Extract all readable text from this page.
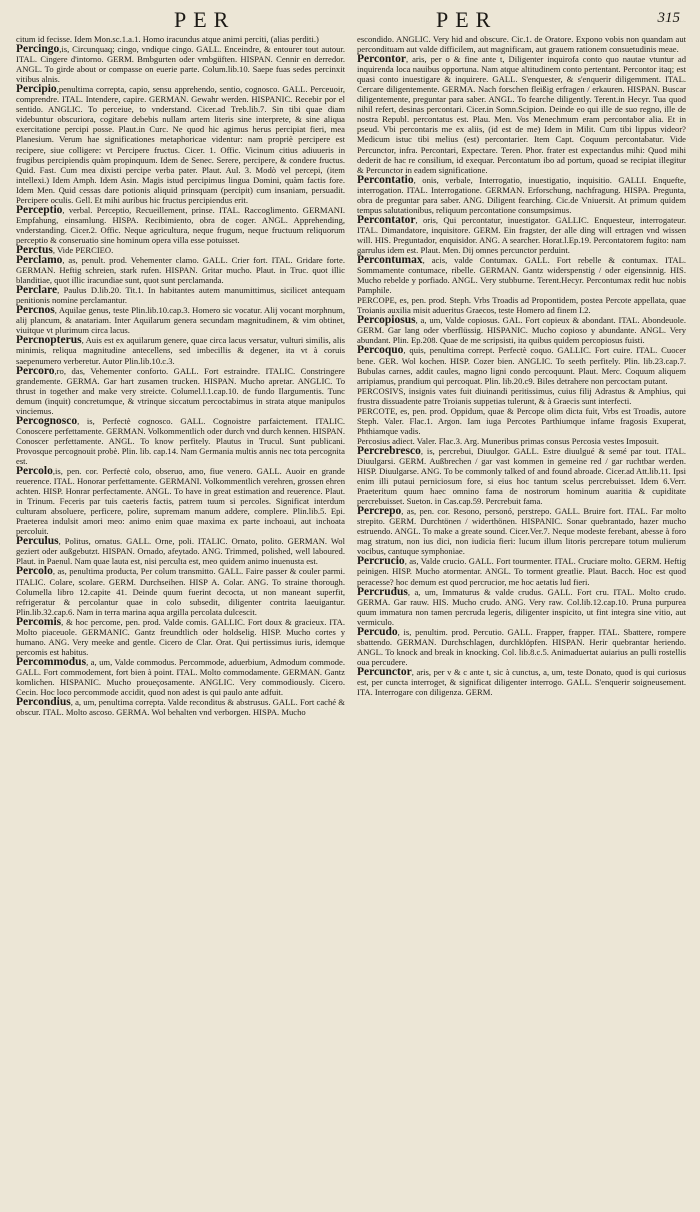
PER	PER	315

citum id fecisse. Idem Mon.sc.1.a.1. Homo iracundus atque animi perciti, (alias perditi.)

Percingo,is, Circunquaq; cingo, vndique cingo. GALL. Enceindre, & entourer tout autour. ITAL. Cingere d'intorno. GERM. Bmbgurten oder vmbgüften. HISPAN. Cennir en derredor. ANGL. To girde about or compasse on euerie parte. Colum.lib.10. Saepe fuas sedes percinxit vitibus alnis.

Percipio,penultima correpta, capio, sensu apprehendo, sentio, cognosco. GALL. Perceuoir, comprendre. ITAL. Intendere, capire. GERMAN. Gewahr werden. HISPANIC. Recebir por el sentido. ANGLIC. To perceiue, to vnderstand. Cicer.ad Treb.lib.7. Sin tibi quae diam videbuntur obscuriora, cogitare debebis nullam artem literis sine interprete, & sine aliqua exercitatione percipi posse. Plaut.in Curc. Ne quod hic agimus herus percipiat fieri, mea Planesium. Verum hae significationes metaphoricae videntur: nam propriè percipere est recipere, siue colligere: vt Percipere fructus. Cicer. 1. Offic. Vicinum citius adiuueris in frugibus percipiendis quàm propinquum. Idem de Senec. Serere, percipere, & condere fructus. Quid. Fast. Cum mea dixisti percipe verba pater. Plaut. Aul. 3. Modò vel percepi, (item intellexi.) Idem Amph. Idem Asin. Magis istud percipimus lingua Domini, quàm factis fore. Idem Men. Quid cessas dare potionis aliquid prinsquam (percipit) cum insaniam, persuadit. Percipere oculis. Gell. Et mihi auribus hic fructus percipiendus erit.

Perceptio, verbal. Perceptio, Recueillement, prinse. ITAL. Raccoglimento. GERMANI. Empfahung, einsamlung. HISPA. Recibimiento, obra de coger. ANGL. Apprehending, vnderstanding. Cicer.2. Offic. Neque agricultura, neque frugum, neque fructuum reliquorum perceptio & conseruatio sine hominum opera villa esse potuisset.

Perctus, Vide PERCIEO.

Perclamo, as, penult. prod. Vehementer clamo. GALL. Crier fort. ITAL. Gridare forte. GERMAN. Heftig schreien, stark rufen. HISPAN. Gritar mucho. Plaut. in Truc. quot illic blanditiae, quot illic iracundiae sunt, quot sunt perclamanda.

Perclare, Paulus D.lib.20. Tit.1. In habitantes autem manumittimus, sicilicet antequam penitionis nomine perclamantur.

Percnos, Aquilae genus, teste Plin.lib.10.cap.3. Homero sic vocatur. Alij vocant morphnum, alij plancum, & anatariam. Inter Aquilarum genera secundam magnitudinem, & vim obtinet, viuitque vt plurimum circa lacus.

Percnopterus, Auis est ex aquilarum genere, quae circa lacus versatur, vulturi similis, alis minimis, reliqua magnitudine antecellens, sed imbecillis & degener, ita vt à coruis saepenumero verberetur. Autor Plin.lib.10.c.3.

Percoro,ro, das, Vehementer conforto. GALL. Fort estraindre. ITALIC. Constringere grandemente. GERMA. Gar hart zusamen trucken. HISPAN. Mucho apretar. ANGLIC. To thrust in together and make very streicte. Columel.l.1.cap.10. de fundo Ilargumentis. Tunc demum (inquit) concretumque, & vtrinque siccatum percoctabimus in strata atque manipulos vinciemus.

Percognosco, is, Perfectè cognosco. GALL. Cognoistre parfaictement. ITALIC. Conoscere perfettamente. GERMAN. Volkommentlich oder durch vnd durch kennen. HISPAN. Conoscer perfettamente. ANGL. To know perfitely. Plautus in Trucul. Sunt publicani. Provosque percognouit probè. Plin. lib. cap.14. Nam Germania multis annis nec tota percognita est.

Percolo,is, pen. cor. Perfectè colo, obseruo, amo, fiue venero. GALL. Auoir en grande reuerence. ITAL. Honorar perfettamente. GERMANI. Volkommentlich verehren, grossen ehren achten. HISP. Honrar perfectamente. ANGL. To have in great estimation and reuerence. Plaut. in Trinum. Feceris par tuis caeteris factis, patrem tuum si percoles. Significat interdum culturam absoluere, perficere, polire, supremam manum addere, complere. Plin.lib.5. Epi. Praeterea indulsit amori meo: animo enim quae maxima ex parte inchoaui, aut inchoata percoluit.

Perculus, Politus, ornatus. GALL. Orne, poli. ITALIC. Ornato, polito. GERMAN. Wol geziert oder außgebutzt. HISPAN. Ornado, afeytado. ANG. Trimmed, polished, well laboured. Plaut. in Paenul. Nam quae lauta est, nisi perculta est, meo quidem animo inuenusta est.

Percolo, as, penultima producta, Per colum transmitto. GALL. Faire passer & couler parmi. ITALIC. Colare, scolare. GERM. Durchseihen. HISP A. Colar. ANG. To straine thorough. Columella libro 12.capite 41. Deinde quum fuerint decocta, ut non maneant superfit, refrigeratur & percolantur quae in colo subsedit, diligenter contrita laeuigantur. Plin.lib.32.cap.6. Nam in terra marina aqua argilla percolata dulcescit.

Percomis, & hoc percome, pen. prod. Valde comis. GALLIC. Fort doux & gracieux. ITA. Molto piaceuole. GERMANIC. Gantz freundtlich oder holdselig. HISP. Mucho cortes y humano. ANG. Very meeke and gentle. Cicero de Clar. Orat. Qui pertissimus iuris, idemque percomis est habitus.

Percommodus, a, um, Valde commodus. Percommode, aduerbium, Admodum commode. GALL. Fort commodement, fort bien à point. ITAL. Molto commodamente. GERMAN. Gantz komlichen. HISPANIC. Mucho proueçosamente. ANGLIC. Very commodiously. Cicero. Cecin. Hoc loco percommode accidit, quod non adest is qui paulo ante adfuit.

Percondius, a, um, penultima correpta. Valde reconditus & abstrusus. GALL. Fort caché & obscur. ITAL. Molto ascoso. GERMA. Wol behalten vnd verborgen. HISPA. Mucho

escondido. ANGLIC. Very hid and obscure. Cic.1. de Oratore. Expono vobis non quandam aut percondituam aut valde difficilem, aut magnificam, aut grauem rationem consuetudinis meae.

Percontor, aris, per o & fine ante t, Diligenter inquirofa conto quo nautae vtuntur ad inquirenda loca nauibus opportuna. Nam atque altitudinem conto pertentant. Percontor itaq; est quasi conto inuestigare & inquirere. GALL. S'enquester, & s'enquerir diligemment. ITAL. Cercare diligentemente. GERMA. Nach forschen fleißig erfragen / erkauren. HISPAN. Buscar diligentemente, preguntar para saber. ANGL. To fearche diligently. Terent.in Hecyr. Tua quod nihil refert, desinas percontari. Cicer.in Somn.Scipion. Deinde eo qui ille de suo regno, ille de nostra Republ. percontatus est. Plau. Men. Vos Menechmum eram percontabor alia. Et in pseud. Vbi percontaris me ex aliis, (id est de me) Idem in Milit. Cum tibi lippus videor? Medicum istuc tibi melius (est) percontarier. Item Capt. Coquum percontabatur. Vide Percunctor, infra. Percontari, Expectare. Teren. Phor. frater est expectandus mihi: Quod mihi dederit de hac re consilium, id exequar. Percontatum ibo ad portum, quoad se recipiat illegitur & Percunctor in eadem significatione.

Percontatio, onis, verbale, Interrogatio, inuestigatio, inquisitio. GALLI. Enquefte, interrogation. ITAL. Interrogatione. GERMAN. Erforschung, nachfragung. HISPA. Pregunta, obra de preguntar para saber. ANG. Diligent fearching. Cic.de Vniuersit. At primum quidem tempus salutationibus, reliquum percontatione consumpsimus.

Percontator, oris, Qui percontatur, inuestigator. GALLIC. Enquesteur, interrogateur. ITAL. Dimandatore, inquisitore. GERM. Ein fragster, der alle ding will ertragen vnd wissen will. HIS. Preguntador, enquisidor. ANG. A searcher. Horat.l.Ep.19. Percontatorem fugito: nam garrulus idem est. Plaut. Men. Dij omnes percunctor perduint.

Percontumax, acis, valde Contumax. GALL. Fort rebelle & contumax. ITAL. Sommamente contumace, ribelle. GERMAN. Gantz widerspenstig / oder eigensinnig. HIS. Mucho rebelde y porfiado. ANGL. Very stubburne. Terent.Hecyr. Percontumax redit huc nobis Pamphile.

PERCOPE, es, pen. prod. Steph. Vrbs Troadis ad Propontidem, postea Percote appellata, quae Troianis auxilia misit adueritus Graecos, teste Homero ad finem I.2.

Percopiosus, a, um, Valde copiosus. GAL. Fort copieux & abondant. ITAL. Abondeuole. GERM. Gar lang oder vberflüssig. HISPANIC. Mucho copioso y abundante. ANGL. Very abundant. Plin. Ep.208. Quae de me scripsisti, ita quibus quidem percopiosus fuisti.

Percoquo, quis, penultima corrept. Perfectè coquo. GALLIC. Fort cuire. ITAL. Cuocer bene. GER. Wol kochen. HISP. Cozer bien. ANGLIC. To seeth perfitely. Plin. lib.23.cap.7. Bubulas carnes, addit caules, magno ligni condo percoquunt. Plaut. Merc. Coquum aliquem arripiamus, prandium qui percoquat. Plin. lib.20.c9. Biles detrahere non percoctam putant.

PERCOSIVS, insignis vates fuit diuinandi peritissimus, cuius filij Adrastus & Amphius, qui frustra dissuadente patre Troianis suppetias tulerunt, & à Graecis sunt interfecti.

PERCOTE, es, pen. prod. Oppidum, quae & Percope olim dicta fuit, Vrbs est Troadis, autore Steph. Valer. Flac.1. Argon. Iam iuga Percotes Parthiumque infame fragosis Exuperat, Phthiamque vadis.

Percosius adiect. Valer. Flac.3. Arg. Muneribus primas consus Percosia vestes Imposuit.

Percrebresco, is, percrebui, Diuulgor. GALL. Estre diuulgué & semé par tout. ITAL. Diuulgarsi. GERM. Außbrechen / gar vast kommen in gemeine red / gar ruchtbar werden. HISP. Diuulgarse. ANG. To be commonly talked of and found abroade. Cicer.ad Att.lib.11. Ipsi enim illi putaui perniciosum fore, si eius hoc tantum scelus percrebuisset. Idem 6.Verr. Praeteritum quum haec omnino fama de nostrorum hominum auaritia & cupiditate percrebuisset. Sueton. in Cas.cap.59. Percrebuit fama.

Percrepo, as, pen. cor. Resono, personó, perstrepo. GALL. Bruire fort. ITAL. Far molto strepito. GERM. Durchtönen / widerthönen. HISPANIC. Sonar quebrantado, hazer mucho estruendo. ANGL. To make a greate sound. Cicer.Ver.7. Neque modeste ferebant, abesse à foro mag stratum, non ius dici, non iudicia fieri: lucum illum litoris percrepare totum mulierum vocibus, cantuque symphoniae.

Percrucio, as, Valde crucio. GALL. Fort tourmenter. ITAL. Cruciare molto. GERM. Heftig peinigen. HISP. Mucho atormentar. ANGL. To torment greatlie. Plaut. Bacch. Hoc est quod peracesse? hoc demum est quod percrucior, me hoc aetatis lud fieri.

Percrudus, a, um, Immaturus & valde crudus. GALL. Fort cru. ITAL. Molto crudo. GERMA. Gar rauw. HIS. Mucho crudo. ANG. Very raw. Col.lib.12.cap.10. Pruna purpurea quum immatura non tamen percruda legeris, diligenter inspicito, ut fint integra sine vitio, aut vermiculo.

Percudo, is, penultim. prod. Percutio. GALL. Frapper, frapper. ITAL. Sbattere, rompere sbattendo. GERMAN. Durchschlagen, durchklöpfen. HISPAN. Herir quebrantar heriendo. ANGL. To knock and break in knocking. Col. lib.8.c.5. Animaduertat auiarius an pulli rostellis oua percudere.

Percunctor, aris, per v & c ante t, sic à cunctus, a, um, teste Donato, quod is qui curiosus est, per cuncta interroget, & significat diligenter interrogo. GALL. S'enquerir soigneusement. ITA. Interrogare con diligenza. GERM.
